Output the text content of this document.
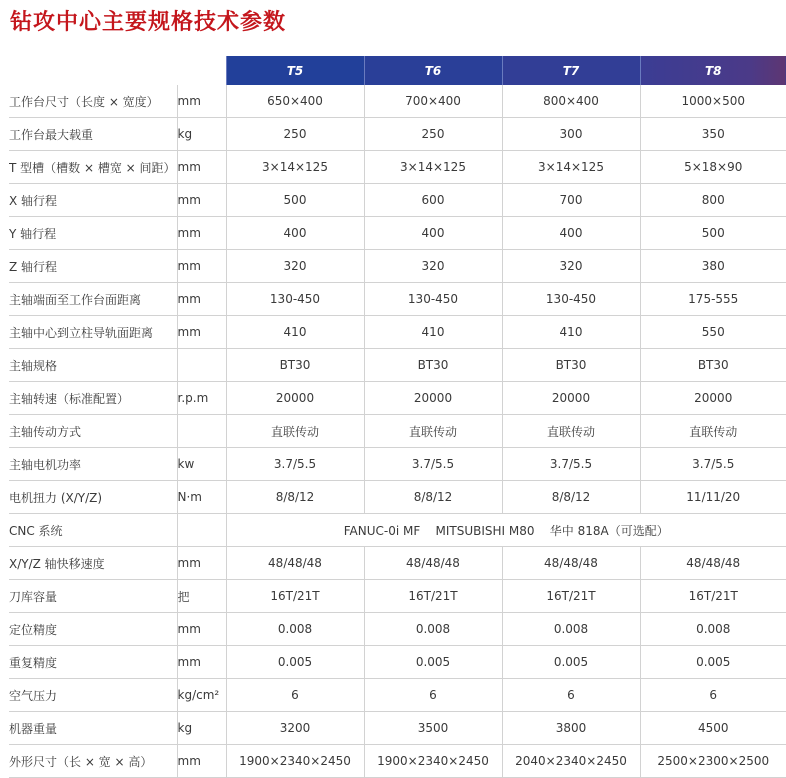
钻攻中心主要规格技术参数
		T5	T6	T7	T8
工作台尺寸（长度 × 宽度）	mm	650×400	700×400	800×400	1000×500
工作台最大载重	kg	250	250	300	350
T 型槽（槽数 × 槽宽 × 间距）	mm	3×14×125	3×14×125	3×14×125	5×18×90
X 轴行程	mm	500	600	700	800
Y 轴行程	mm	400	400	400	500
Z 轴行程	mm	320	320	320	380
主轴端面至工作台面距离	mm	130-450	130-450	130-450	175-555
主轴中心到立柱导轨面距离	mm	410	410	410	550
主轴规格		BT30	BT30	BT30	BT30
主轴转速（标准配置）	r.p.m	20000	20000	20000	20000
主轴传动方式		直联传动	直联传动	直联传动	直联传动
主轴电机功率	kw	3.7/5.5	3.7/5.5	3.7/5.5	3.7/5.5
电机扭力 (X/Y/Z)	N·m	8/8/12	8/8/12	8/8/12	11/11/20
CNC 系统		FANUC-0i MF    MITSUBISHI M80    华中 818A（可选配）			
X/Y/Z 轴快移速度	mm	48/48/48	48/48/48	48/48/48	48/48/48
刀库容量	把	16T/21T	16T/21T	16T/21T	16T/21T
定位精度	mm	0.008	0.008	0.008	0.008
重复精度	mm	0.005	0.005	0.005	0.005
空气压力	kg/cm²	6	6	6	6
机器重量	kg	3200	3500	3800	4500
外形尺寸（长 × 宽 × 高）	mm	1900×2340×2450	1900×2340×2450	2040×2340×2450	2500×2300×2500
